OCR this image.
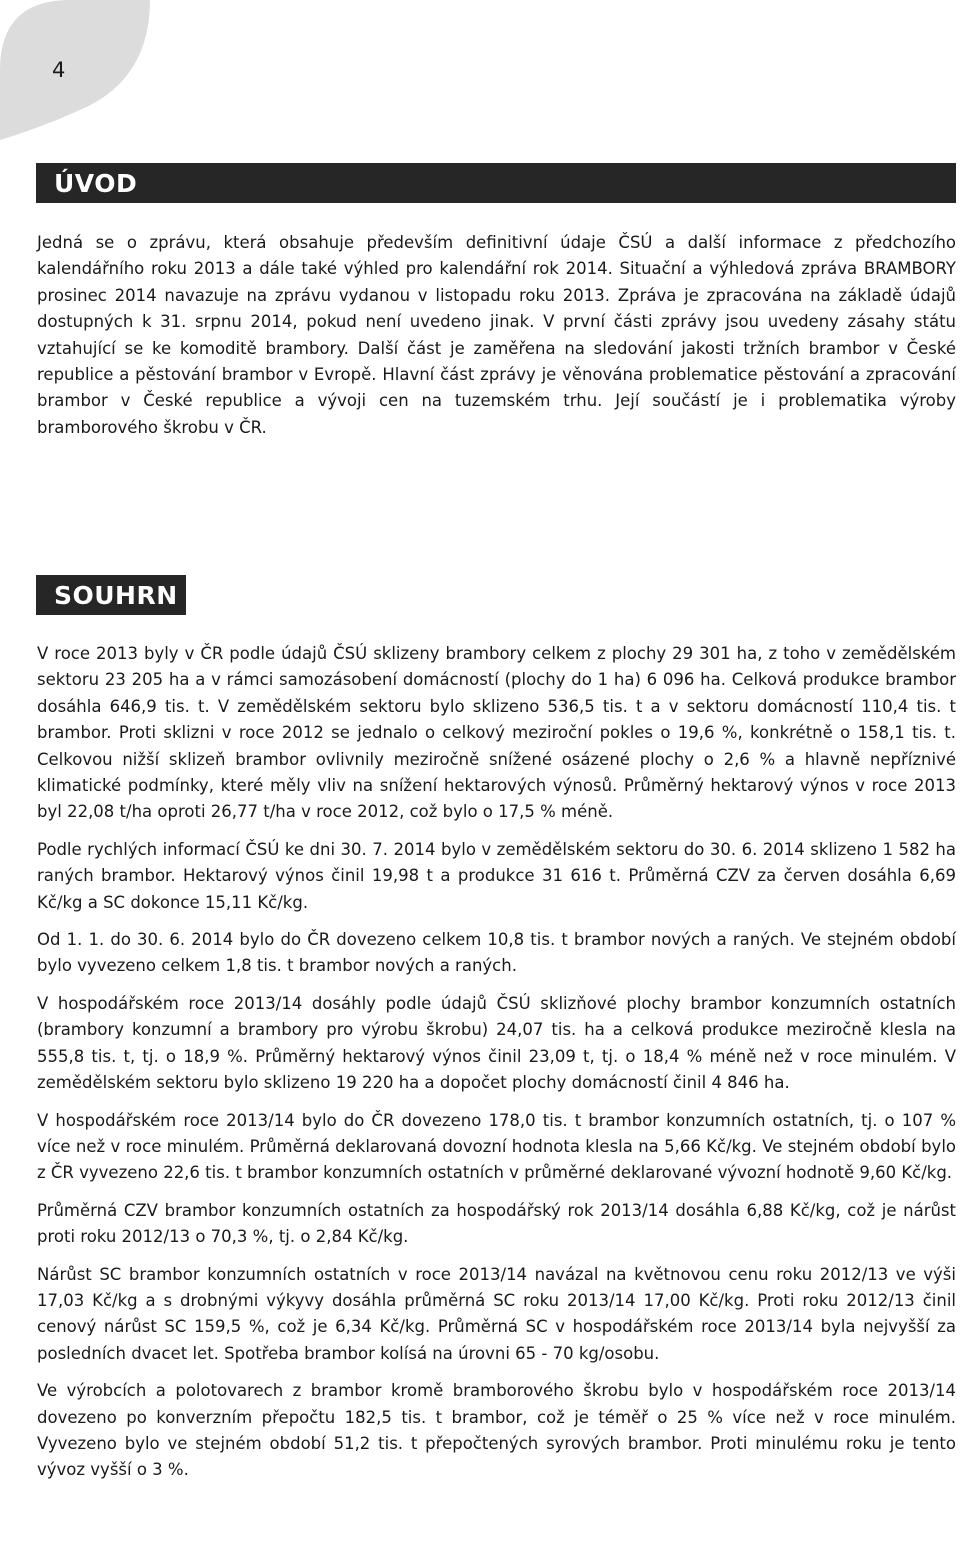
4
ÚVOD

Jedná se o zprávu, která obsahuje především definitivní údaje ČSÚ a další informace z předchozího kalendářního roku 2013 a dále také výhled pro kalendářní rok 2014. Situační a výhledová zpráva BRAMBORY prosinec 2014 navazuje na zprávu vydanou v listopadu roku 2013. Zpráva je zpracována na základě údajů dostupných k 31. srpnu 2014, pokud není uvedeno jinak. V první části zprávy jsou uvedeny zásahy státu vztahující se ke komoditě brambory. Další část je zaměřena na sledování jakosti tržních brambor v České republice a pěstování brambor v Evropě. Hlavní část zprávy je věnována problematice pěstování a zpracování brambor v České republice a vývoji cen na tuzemském trhu. Její součástí je i problematika výroby bramborového škrobu v ČR.

SOUHRN

V roce 2013 byly v ČR podle údajů ČSÚ sklizeny brambory celkem z plochy 29 301 ha, z toho v zemědělském sektoru 23 205 ha a v rámci samozásobení domácností (plochy do 1 ha) 6 096 ha. Celková produkce brambor dosáhla 646,9 tis. t. V zemědělském sektoru bylo sklizeno 536,5 tis. t a v sektoru domácností 110,4 tis. t brambor. Proti sklizni v roce 2012 se jednalo o celkový meziroční pokles o 19,6 %, konkrétně o 158,1 tis. t. Celkovou nižší sklizeň brambor ovlivnily meziročně snížené osázené plochy o 2,6 % a hlavně nepříznivé klimatické podmínky, které měly vliv na snížení hektarových výnosů. Průměrný hektarový výnos v roce 2013 byl 22,08 t/ha oproti 26,77 t/ha v roce 2012, což bylo o 17,5 % méně.

Podle rychlých informací ČSÚ ke dni 30. 7. 2014 bylo v zemědělském sektoru do 30. 6. 2014 sklizeno 1 582 ha raných brambor. Hektarový výnos činil 19,98 t a produkce 31 616 t. Průměrná CZV za červen dosáhla 6,69 Kč/kg a SC dokonce 15,11 Kč/kg.

Od 1. 1. do 30. 6. 2014 bylo do ČR dovezeno celkem 10,8 tis. t brambor nových a raných. Ve stejném období bylo vyvezeno celkem 1,8 tis. t brambor nových a raných.

V hospodářském roce 2013/14 dosáhly podle údajů ČSÚ sklizňové plochy brambor konzumních ostatních (brambory konzumní a brambory pro výrobu škrobu) 24,07 tis. ha a celková produkce meziročně klesla na 555,8 tis. t, tj. o 18,9 %. Průměrný hektarový výnos činil 23,09 t, tj. o 18,4 % méně než v roce minulém. V zemědělském sektoru bylo sklizeno 19 220 ha a dopočet plochy domácností činil 4 846 ha.

V hospodářském roce 2013/14 bylo do ČR dovezeno 178,0 tis. t brambor konzumních ostatních, tj. o 107 % více než v roce minulém. Průměrná deklarovaná dovozní hodnota klesla na 5,66 Kč/kg. Ve stejném období bylo z ČR vyvezeno 22,6 tis. t brambor konzumních ostatních v průměrné deklarované vývozní hodnotě 9,60 Kč/kg.

Průměrná CZV brambor konzumních ostatních za hospodářský rok 2013/14 dosáhla 6,88 Kč/kg, což je nárůst proti roku 2012/13 o 70,3 %, tj. o 2,84 Kč/kg.

Nárůst SC brambor konzumních ostatních v roce 2013/14 navázal na květnovou cenu roku 2012/13 ve výši 17,03 Kč/kg a s drobnými výkyvy dosáhla průměrná SC roku 2013/14 17,00 Kč/kg. Proti roku 2012/13 činil cenový nárůst SC 159,5 %, což je 6,34 Kč/kg. Průměrná SC v hospodářském roce 2013/14 byla nejvyšší za posledních dvacet let. Spotřeba brambor kolísá na úrovni 65 - 70 kg/osobu.

Ve výrobcích a polotovarech z brambor kromě bramborového škrobu bylo v hospodářském roce 2013/14 dovezeno po konverzním přepočtu 182,5 tis. t brambor, což je téměř o 25 % více než v roce minulém. Vyvezeno bylo ve stejném období 51,2 tis. t přepočtených syrových brambor. Proti minulému roku je tento vývoz vyšší o 3 %.
